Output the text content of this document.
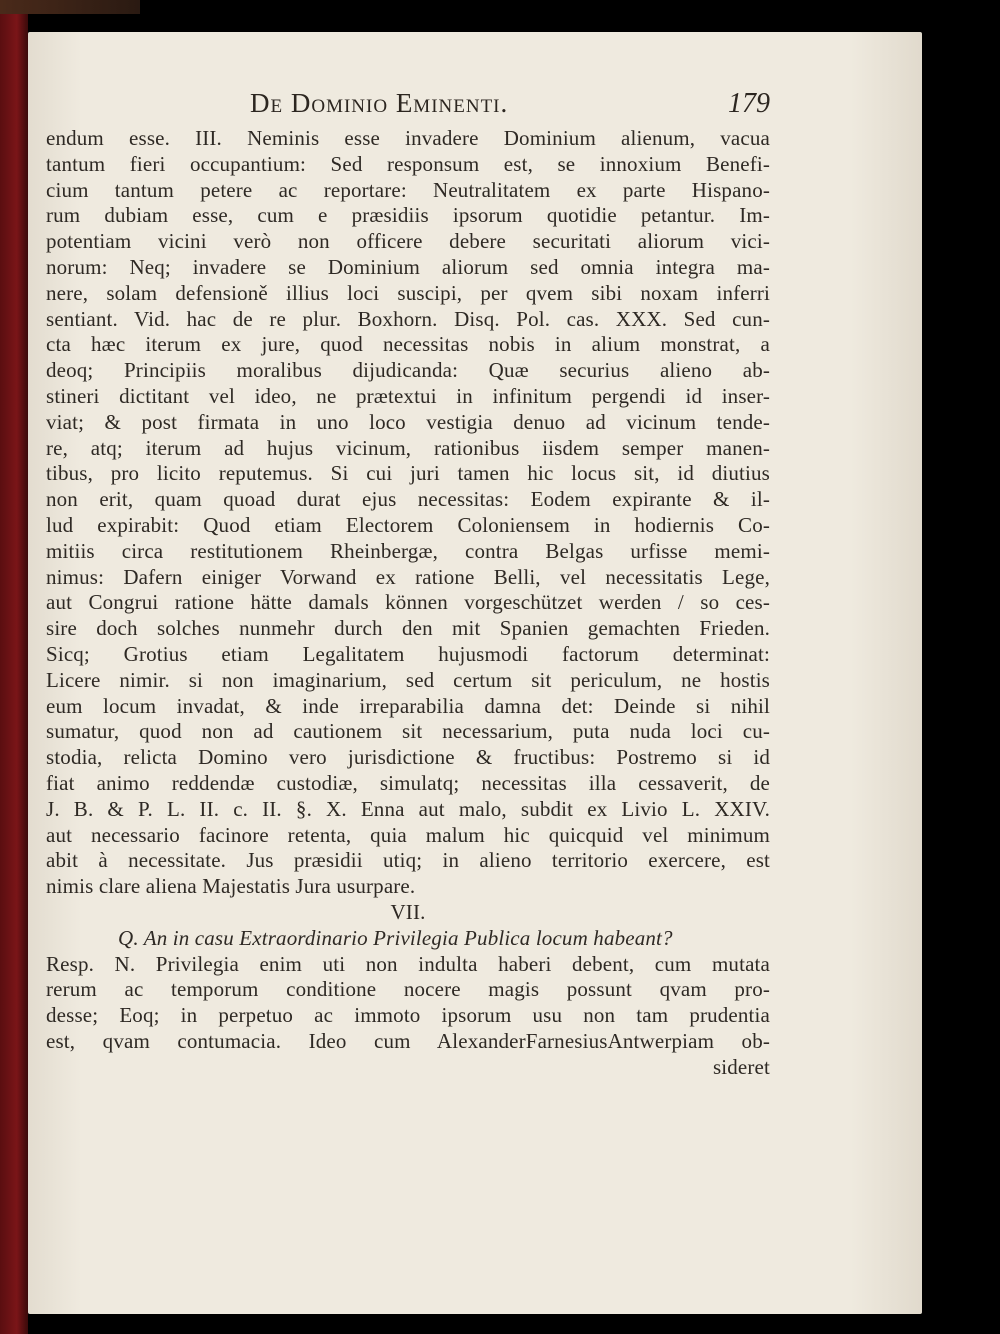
De Dominio Eminenti.	179
endum esse. III. Neminis esse invadere Dominium alienum, vacua
tantum fieri occupantium: Sed responsum est, se innoxium Benefi-
cium tantum petere ac reportare: Neutralitatem ex parte Hispano-
rum dubiam esse, cum e præsidiis ipsorum quotidie petantur. Im-
potentiam vicini verò non officere debere securitati aliorum vici-
norum: Neq; invadere se Dominium aliorum sed omnia integra ma-
nere, solam defensioně illius loci suscipi, per qvem sibi noxam inferri
sentiant. Vid. hac de re plur. Boxhorn. Disq. Pol. cas. XXX. Sed cun-
cta hæc iterum ex jure, quod necessitas nobis in alium monstrat, a
deoq; Principiis moralibus dijudicanda: Quæ securius alieno ab-
stineri dictitant vel ideo, ne prætextui in infinitum pergendi id inser-
viat; & post firmata in uno loco vestigia denuo ad vicinum tende-
re, atq; iterum ad hujus vicinum, rationibus iisdem semper manen-
tibus, pro licito reputemus. Si cui juri tamen hic locus sit, id diutius
non erit, quam quoad durat ejus necessitas: Eodem expirante & il-
lud expirabit: Quod etiam Electorem Coloniensem in hodiernis Co-
mitiis circa restitutionem Rheinbergæ, contra Belgas urfisse memi-
nimus: Dafern einiger Vorwand ex ratione Belli, vel necessitatis Lege,
aut Congrui ratione hätte damals können vorgeschützet werden / so ces-
sire doch solches nunmehr durch den mit Spanien gemachten Frieden.
Sicq; Grotius etiam Legalitatem hujusmodi factorum determinat:
Licere nimir. si non imaginarium, sed certum sit periculum, ne hostis
eum locum invadat, & inde irreparabilia damna det: Deinde si nihil
sumatur, quod non ad cautionem sit necessarium, puta nuda loci cu-
stodia, relicta Domino vero jurisdictione & fructibus: Postremo si id
fiat animo reddendæ custodiæ, simulatq; necessitas illa cessaverit, de
J. B. & P. L. II. c. II. §. X. Enna aut malo, subdit ex Livio L. XXIV.
aut necessario facinore retenta, quia malum hic quicquid vel minimum
abit à necessitate. Jus præsidii utiq; in alieno territorio exercere, est
nimis clare aliena Majestatis Jura usurpare.
VII.
Q. An in casu Extraordinario Privilegia Publica locum habeant?
Resp. N. Privilegia enim uti non indulta haberi debent, cum mutata
rerum ac temporum conditione nocere magis possunt qvam pro-
desse; Eoq; in perpetuo ac immoto ipsorum usu non tam prudentia
est, qvam contumacia. Ideo cum AlexanderFarnesiusAntwerpiam ob-
sideret
